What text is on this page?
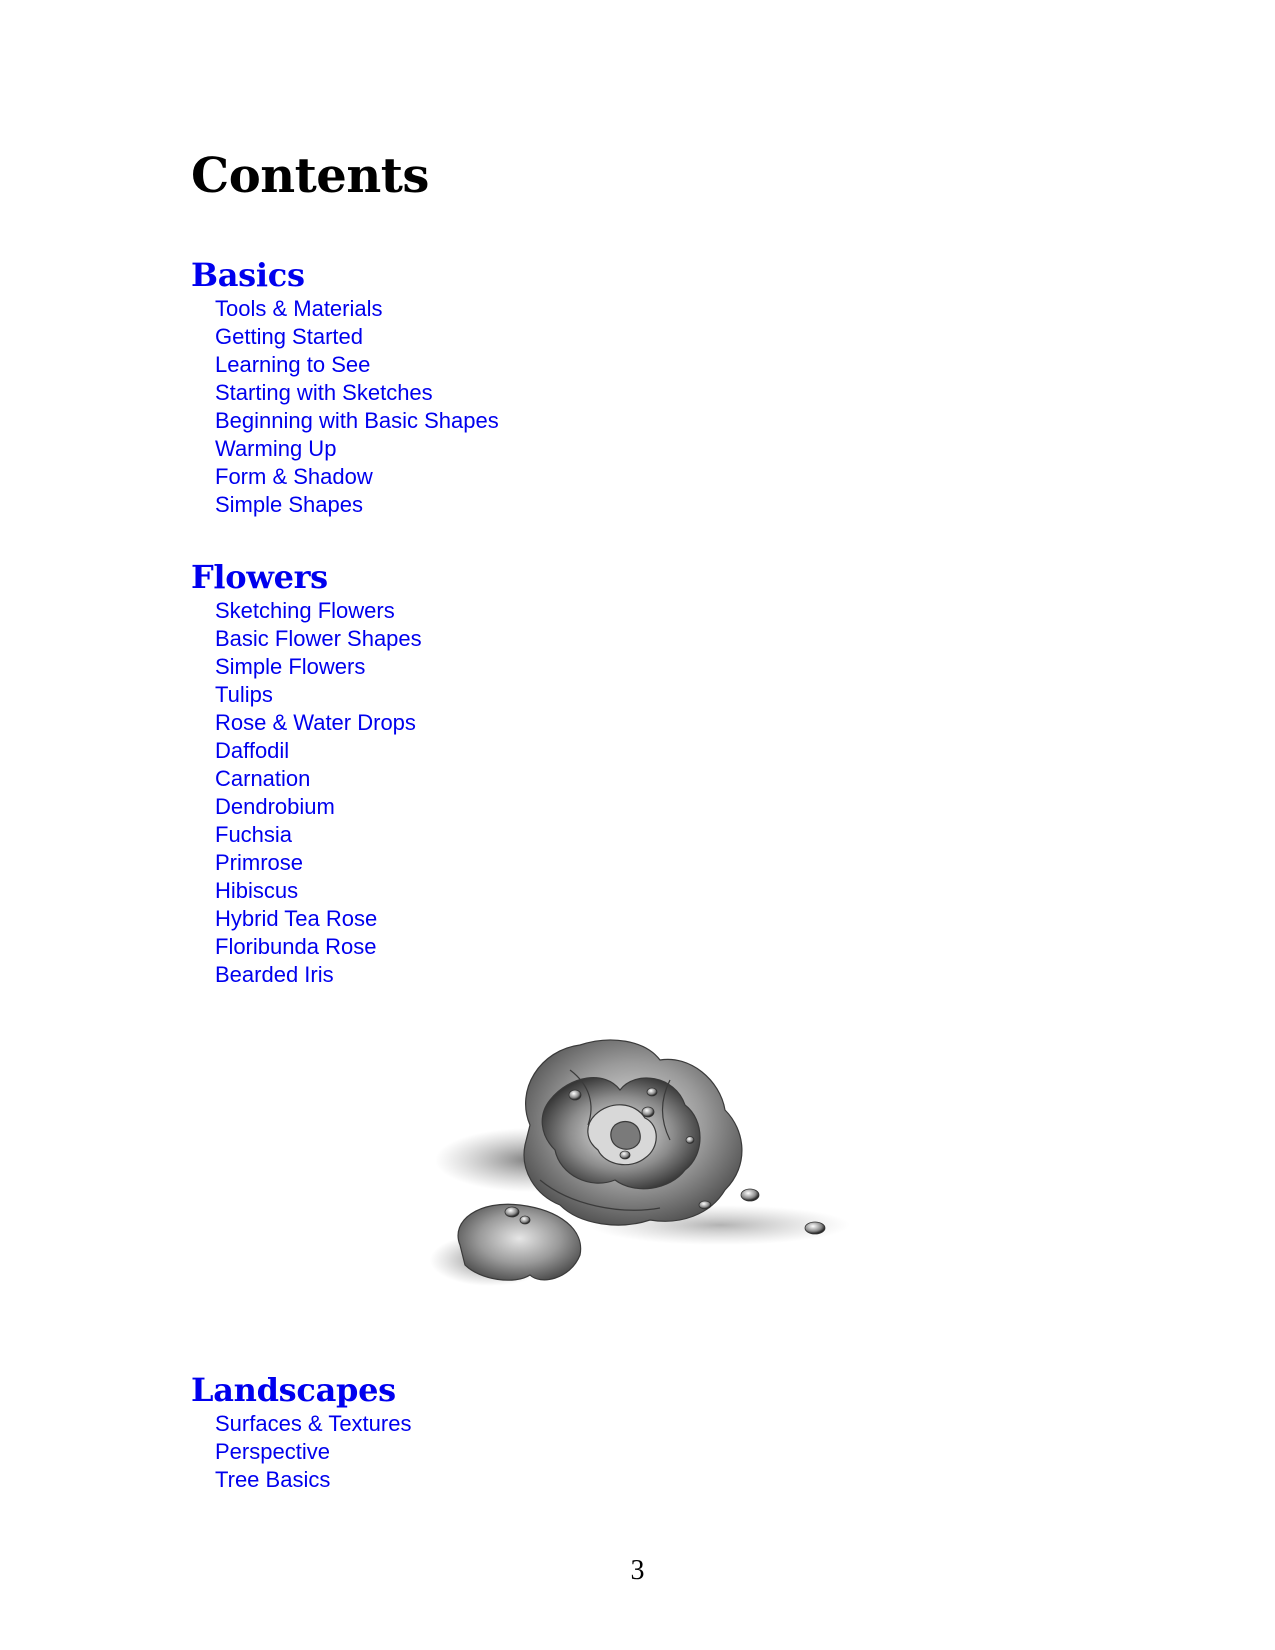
Contents
Basics
Tools & Materials
Getting Started
Learning to See
Starting with Sketches
Beginning with Basic Shapes
Warming Up
Form & Shadow
Simple Shapes
Flowers
Sketching Flowers
Basic Flower Shapes
Simple Flowers
Tulips
Rose & Water Drops
Daffodil
Carnation
Dendrobium
Fuchsia
Primrose
Hibiscus
Hybrid Tea Rose
Floribunda Rose
Bearded Iris
Landscapes
Surfaces & Textures
Perspective
Tree Basics
3
